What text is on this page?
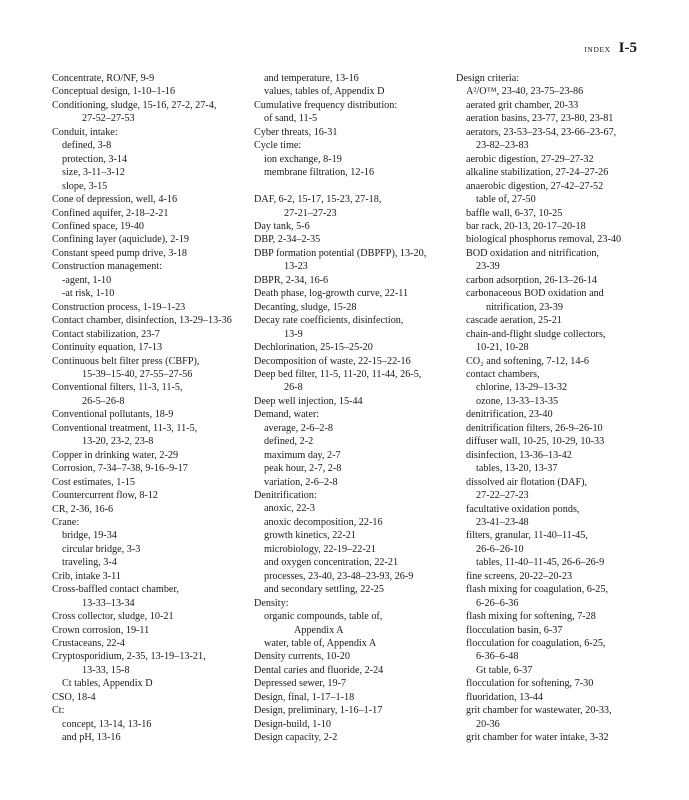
INDEX I-5
Concentrate, RO/NF, 9-9
Conceptual design, 1-10–1-16
Conditioning, sludge, 15-16, 27-2, 27-4,
27-52–27-53
Conduit, intake:
defined, 3-8
protection, 3-14
size, 3-11–3-12
slope, 3-15
Cone of depression, well, 4-16
Confined aquifer, 2-18–2-21
Confined space, 19-40
Confining layer (aquiclude), 2-19
Constant speed pump drive, 3-18
Construction management:
-agent, 1-10
-at risk, 1-10
Construction process, 1-19–1-23
Contact chamber, disinfection, 13-29–13-36
Contact stabilization, 23-7
Continuity equation, 17-13
Continuous belt filter press (CBFP),
15-39–15-40, 27-55–27-56
Conventional filters, 11-3, 11-5,
26-5–26-8
Conventional pollutants, 18-9
Conventional treatment, 11-3, 11-5,
13-20, 23-2, 23-8
Copper in drinking water, 2-29
Corrosion, 7-34–7-38, 9-16–9-17
Cost estimates, 1-15
Countercurrent flow, 8-12
CR, 2-36, 16-6
Crane:
bridge, 19-34
circular bridge, 3-3
traveling, 3-4
Crib, intake 3-11
Cross-baffled contact chamber,
13-33–13-34
Cross collector, sludge, 10-21
Crown corrosion, 19-11
Crustaceans, 22-4
Cryptosporidium, 2-35, 13-19–13-21,
13-33, 15-8
Ct tables, Appendix D
CSO, 18-4
Ct:
concept, 13-14, 13-16
and pH, 13-16
and temperature, 13-16
values, tables of, Appendix D
Cumulative frequency distribution:
of sand, 11-5
Cyber threats, 16-31
Cycle time:
ion exchange, 8-19
membrane filtration, 12-16
DAF, 6-2, 15-17, 15-23, 27-18,
27-21–27-23
Day tank, 5-6
DBP, 2-34–2-35
DBP formation potential (DBPFP), 13-20,
13-23
DBPR, 2-34, 16-6
Death phase, log-growth curve, 22-11
Decanting, sludge, 15-28
Decay rate coefficients, disinfection,
13-9
Dechlorination, 25-15–25-20
Decomposition of waste, 22-15–22-16
Deep bed filter, 11-5, 11-20, 11-44, 26-5,
26-8
Deep well injection, 15-44
Demand, water:
average, 2-6–2-8
defined, 2-2
maximum day, 2-7
peak hour, 2-7, 2-8
variation, 2-6–2-8
Denitrification:
anoxic, 22-3
anoxic decomposition, 22-16
growth kinetics, 22-21
microbiology, 22-19–22-21
and oxygen concentration, 22-21
processes, 23-40, 23-48–23-93, 26-9
and secondary settling, 22-25
Density:
organic compounds, table of,
Appendix A
water, table of, Appendix A
Density currents, 10-20
Dental caries and fluoride, 2-24
Depressed sewer, 19-7
Design, final, 1-17–1-18
Design, preliminary, 1-16–1-17
Design-build, 1-10
Design capacity, 2-2
Design criteria:
A²/O™, 23-40, 23-75–23-86
aerated grit chamber, 20-33
aeration basins, 23-77, 23-80, 23-81
aerators, 23-53–23-54, 23-66–23-67,
23-82–23-83
aerobic digestion, 27-29–27-32
alkaline stabilization, 27-24–27-26
anaerobic digestion, 27-42–27-52
table of, 27-50
baffle wall, 6-37, 10-25
bar rack, 20-13, 20-17–20-18
biological phosphorus removal, 23-40
BOD oxidation and nitrification,
23-39
carbon adsorption, 26-13–26-14
carbonaceous BOD oxidation and
nitrification, 23-39
cascade aeration, 25-21
chain-and-flight sludge collectors,
10-21, 10-28
CO₂ and softening, 7-12, 14-6
contact chambers,
chlorine, 13-29–13-32
ozone, 13-33–13-35
denitrification, 23-40
denitrification filters, 26-9–26-10
diffuser wall, 10-25, 10-29, 10-33
disinfection, 13-36–13-42
tables, 13-20, 13-37
dissolved air flotation (DAF),
27-22–27-23
facultative oxidation ponds,
23-41–23-48
filters, granular, 11-40–11-45,
26-6–26-10
tables, 11-40–11-45, 26-6–26-9
fine screens, 20-22–20-23
flash mixing for coagulation, 6-25,
6-26–6-36
flash mixing for softening, 7-28
flocculation basin, 6-37
flocculation for coagulation, 6-25,
6-36–6-48
Gt table, 6-37
flocculation for softening, 7-30
fluoridation, 13-44
grit chamber for wastewater, 20-33,
20-36
grit chamber for water intake, 3-32
